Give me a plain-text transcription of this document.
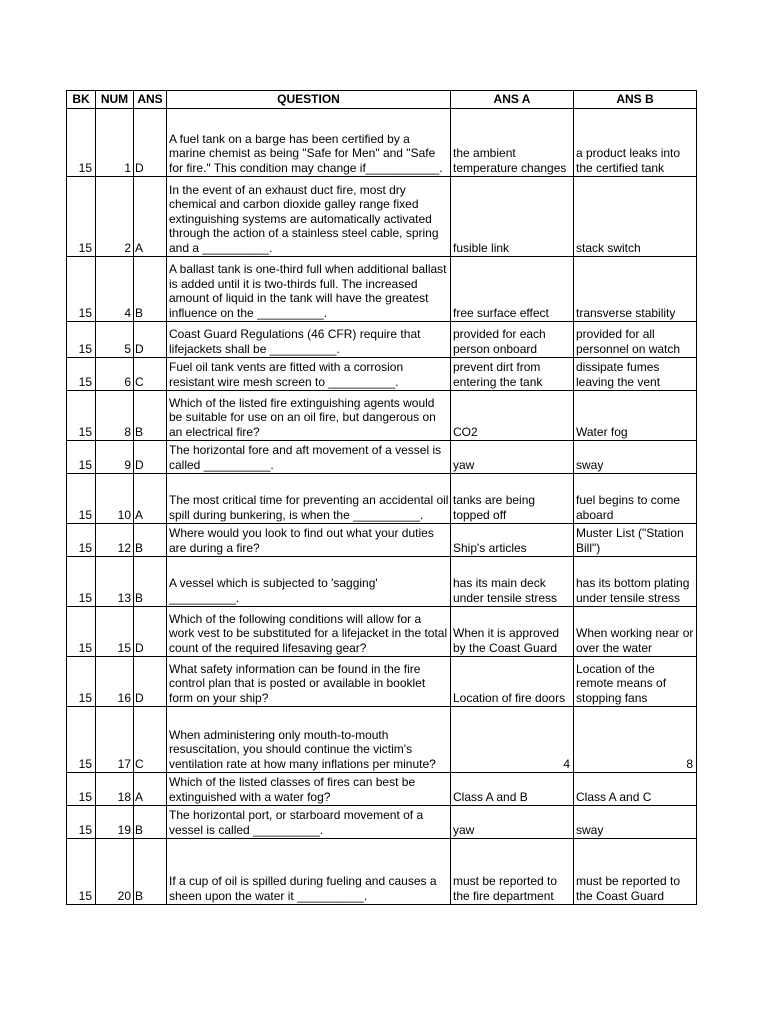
BK	NUM	ANS	QUESTION	ANS A	ANS B
15	1	D	A fuel tank on a barge has been certified by a marine chemist as being "Safe for Men" and "Safe for fire." This condition may change if___________.	the ambient temperature changes	a product leaks into the certified tank
15	2	A	In the event of an exhaust duct fire, most dry chemical and carbon dioxide galley range fixed extinguishing systems are automatically activated through the action of a stainless steel cable, spring and a __________.	fusible link	stack switch
15	4	B	A ballast tank is one-third full when additional ballast is added until it is two-thirds full. The increased amount of liquid in the tank will have the greatest influence on the __________.	free surface effect	transverse stability
15	5	D	Coast Guard Regulations (46 CFR) require that lifejackets shall be __________.	provided for each person onboard	provided for all personnel on watch
15	6	C	Fuel oil tank vents are fitted with a corrosion resistant wire mesh screen to __________.	prevent dirt from entering the tank	dissipate fumes leaving the vent
15	8	B	Which of the listed fire extinguishing agents would be suitable for use on an oil fire, but dangerous on an electrical fire?	CO2	Water fog
15	9	D	The horizontal fore and aft movement of a vessel is called __________.	yaw	sway
15	10	A	The most critical time for preventing an accidental oil spill during bunkering, is when the __________.	tanks are being topped off	fuel begins to come aboard
15	12	B	Where would you look to find out what your duties are during a fire?	Ship's articles	Muster List ("Station Bill")
15	13	B	A vessel which is subjected to 'sagging' __________.	has its main deck under tensile stress	has its bottom plating under tensile stress
15	15	D	Which of the following conditions will allow for a work vest to be substituted for a lifejacket in the total count of the required lifesaving gear?	When it is approved by the Coast Guard	When working near or over the water
15	16	D	What safety information can be found in the fire control plan that is posted or available in booklet form on your ship?	Location of fire doors	Location of the remote means of stopping fans
15	17	C	When administering only mouth-to-mouth resuscitation, you should continue the victim's ventilation rate at how many inflations per minute?	4	8
15	18	A	Which of the listed classes of fires can best be extinguished with a water fog?	Class A and B	Class A and C
15	19	B	The horizontal port, or starboard movement of a vessel is called __________.	yaw	sway
15	20	B	If a cup of oil is spilled during fueling and causes a sheen upon the water it __________.	must be reported to the fire department	must be reported to the Coast Guard
